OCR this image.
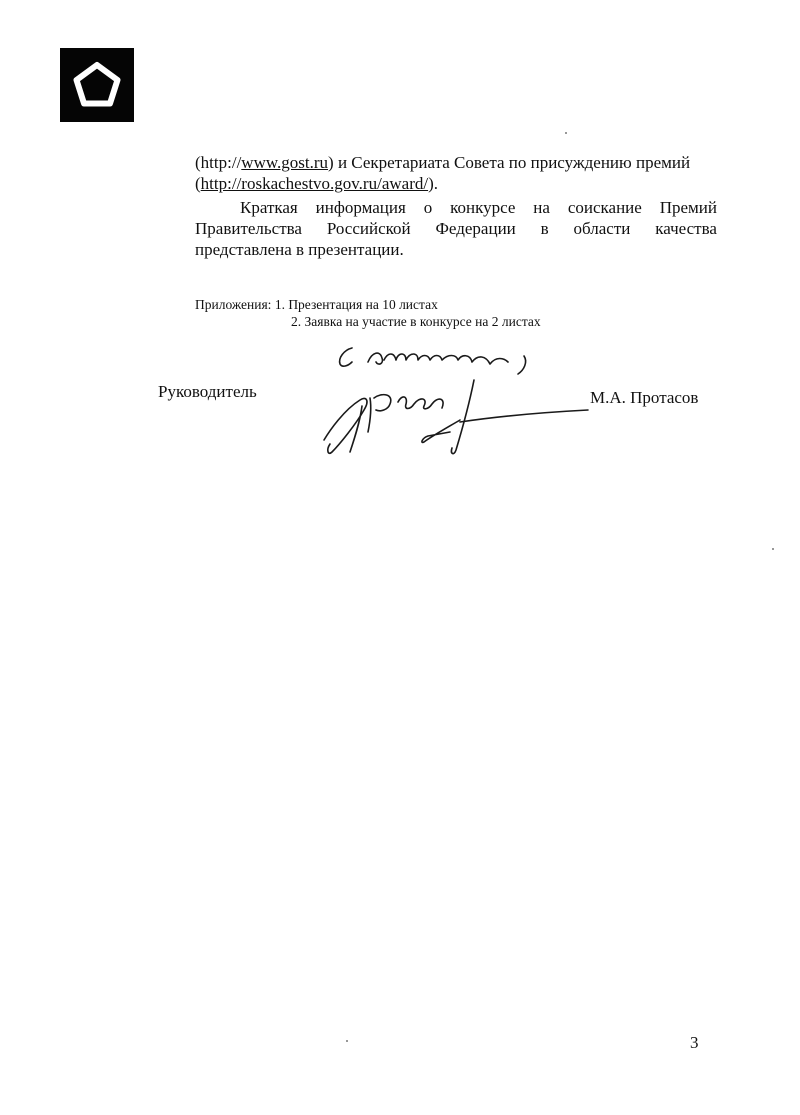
(http://www.gost.ru) и Секретариата Совета по присуждению премий
(http://roskachestvo.gov.ru/award/).
Краткая информация о конкурсе на соискание Премий
Правительства Российской Федерации в области качества
представлена в презентации.
Приложения: 1. Презентация на 10 листах
2. Заявка на участие в конкурсе на 2 листах
Руководитель	М.А. Протасов
3
